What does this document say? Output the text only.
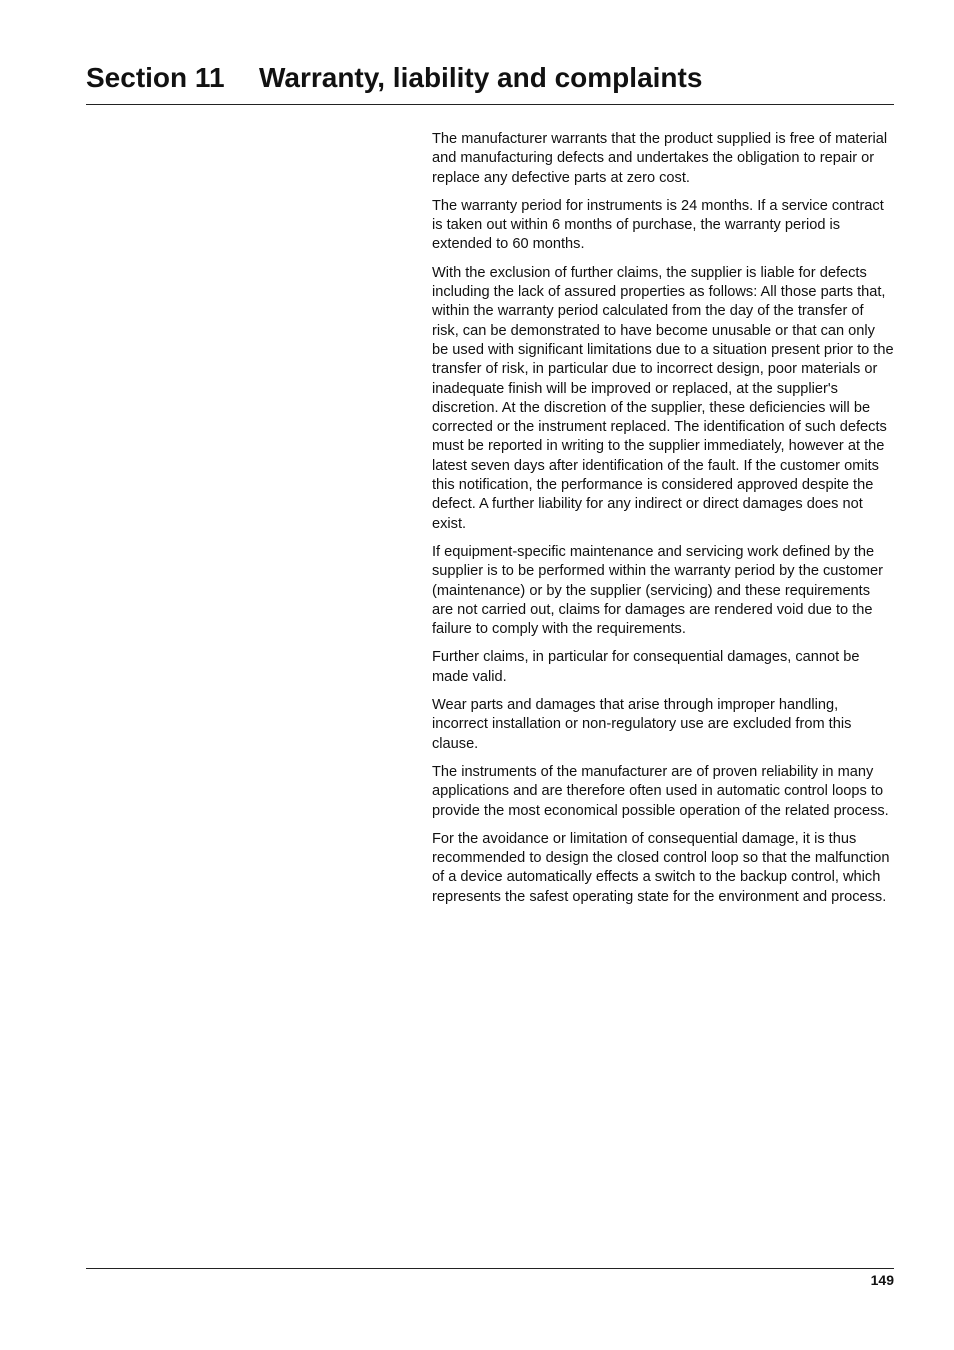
Section 11 Warranty, liability and complaints

The manufacturer warrants that the product supplied is free of material and manufacturing defects and undertakes the obligation to repair or replace any defective parts at zero cost.

The warranty period for instruments is 24 months. If a service contract is taken out within 6 months of purchase, the warranty period is extended to 60 months.

With the exclusion of further claims, the supplier is liable for defects including the lack of assured properties as follows: All those parts that, within the warranty period calculated from the day of the transfer of risk, can be demonstrated to have become unusable or that can only be used with significant limitations due to a situation present prior to the transfer of risk, in particular due to incorrect design, poor materials or inadequate finish will be improved or replaced, at the supplier's discretion. At the discretion of the supplier, these deficiencies will be corrected or the instrument replaced. The identification of such defects must be reported in writing to the supplier immediately, however at the latest seven days after identification of the fault. If the customer omits this notification, the performance is considered approved despite the defect. A further liability for any indirect or direct damages does not exist.

If equipment-specific maintenance and servicing work defined by the supplier is to be performed within the warranty period by the customer (maintenance) or by the supplier (servicing) and these requirements are not carried out, claims for damages are rendered void due to the failure to comply with the requirements.

Further claims, in particular for consequential damages, cannot be made valid.

Wear parts and damages that arise through improper handling, incorrect installation or non-regulatory use are excluded from this clause.

The instruments of the manufacturer are of proven reliability in many applications and are therefore often used in automatic control loops to provide the most economical possible operation of the related process.

For the avoidance or limitation of consequential damage, it is thus recommended to design the closed control loop so that the malfunction of a device automatically effects a switch to the backup control, which represents the safest operating state for the environment and process.

149
